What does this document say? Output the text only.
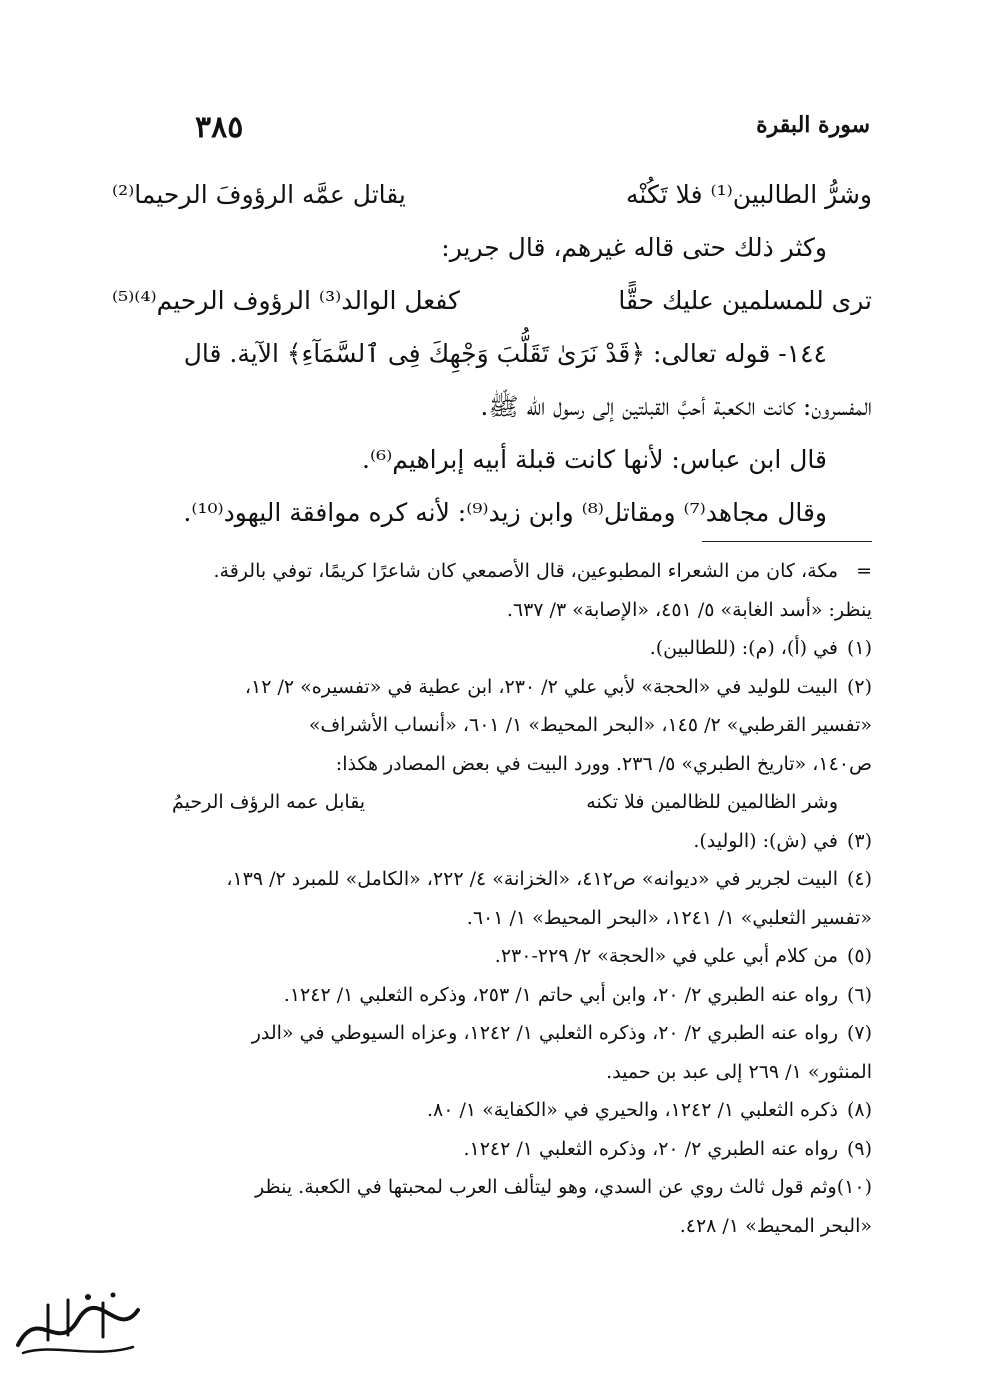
سورة البقرة
٣٨٥
وشرُّ الطالبين⁽¹⁾ فلا تَكُنْه
يقاتل عمَّه الرؤوفَ الرحيما⁽²⁾
وكثر ذلك حتى قاله غيرهم، قال جرير:
ترى للمسلمين عليك حقًّا
كفعل الوالد⁽³⁾ الرؤوف الرحيم⁽⁴⁾⁽⁵⁾
١٤٤- قوله تعالى: ﴿قَدْ نَرَىٰ تَقَلُّبَ وَجْهِكَ فِى ٱلسَّمَآءِ﴾ الآية. قال
المفسرون: كانت الكعبة أحبَّ القبلتين إلى رسول الله ﷺ.
قال ابن عباس: لأنها كانت قبلة أبيه إبراهيم⁽⁶⁾.
وقال مجاهد⁽⁷⁾ ومقاتل⁽⁸⁾ وابن زيد⁽⁹⁾: لأنه كره موافقة اليهود⁽¹⁰⁾.
=مكة، كان من الشعراء المطبوعين، قال الأصمعي كان شاعرًا كريمًا، توفي بالرقة.
ينظر: «أسد الغابة» ٥/ ٤٥١، «الإصابة» ٣/ ٦٣٧.
(١)في (أ)، (م): (للطالبين).
(٢)البيت للوليد في «الحجة» لأبي علي ٢/ ٢٣٠، ابن عطية في «تفسيره» ٢/ ١٢،
«تفسير القرطبي» ٢/ ١٤٥، «البحر المحيط» ١/ ٦٠١، «أنساب الأشراف»
ص١٤٠، «تاريخ الطبري» ٥/ ٢٣٦. وورد البيت في بعض المصادر هكذا:
وشر الظالمين للظالمين فلا تكنه
يقابل عمه الرؤف الرحيمُ
(٣)في (ش): (الوليد).
(٤)البيت لجرير في «ديوانه» ص٤١٢، «الخزانة» ٤/ ٢٢٢، «الكامل» للمبرد ٢/ ١٣٩،
«تفسير الثعلبي» ١/ ١٢٤١، «البحر المحيط» ١/ ٦٠١.
(٥)من كلام أبي علي في «الحجة» ٢/ ٢٢٩-٢٣٠.
(٦)رواه عنه الطبري ٢/ ٢٠، وابن أبي حاتم ١/ ٢٥٣، وذكره الثعلبي ١/ ١٢٤٢.
(٧)رواه عنه الطبري ٢/ ٢٠، وذكره الثعلبي ١/ ١٢٤٢، وعزاه السيوطي في «الدر
المنثور» ١/ ٢٦٩ إلى عبد بن حميد.
(٨)ذكره الثعلبي ١/ ١٢٤٢، والحيري في «الكفاية» ١/ ٨٠.
(٩)رواه عنه الطبري ٢/ ٢٠، وذكره الثعلبي ١/ ١٢٤٢.
(١٠)وثم قول ثالث روي عن السدي، وهو ليتألف العرب لمحبتها في الكعبة. ينظر
«البحر المحيط» ١/ ٤٢٨.
